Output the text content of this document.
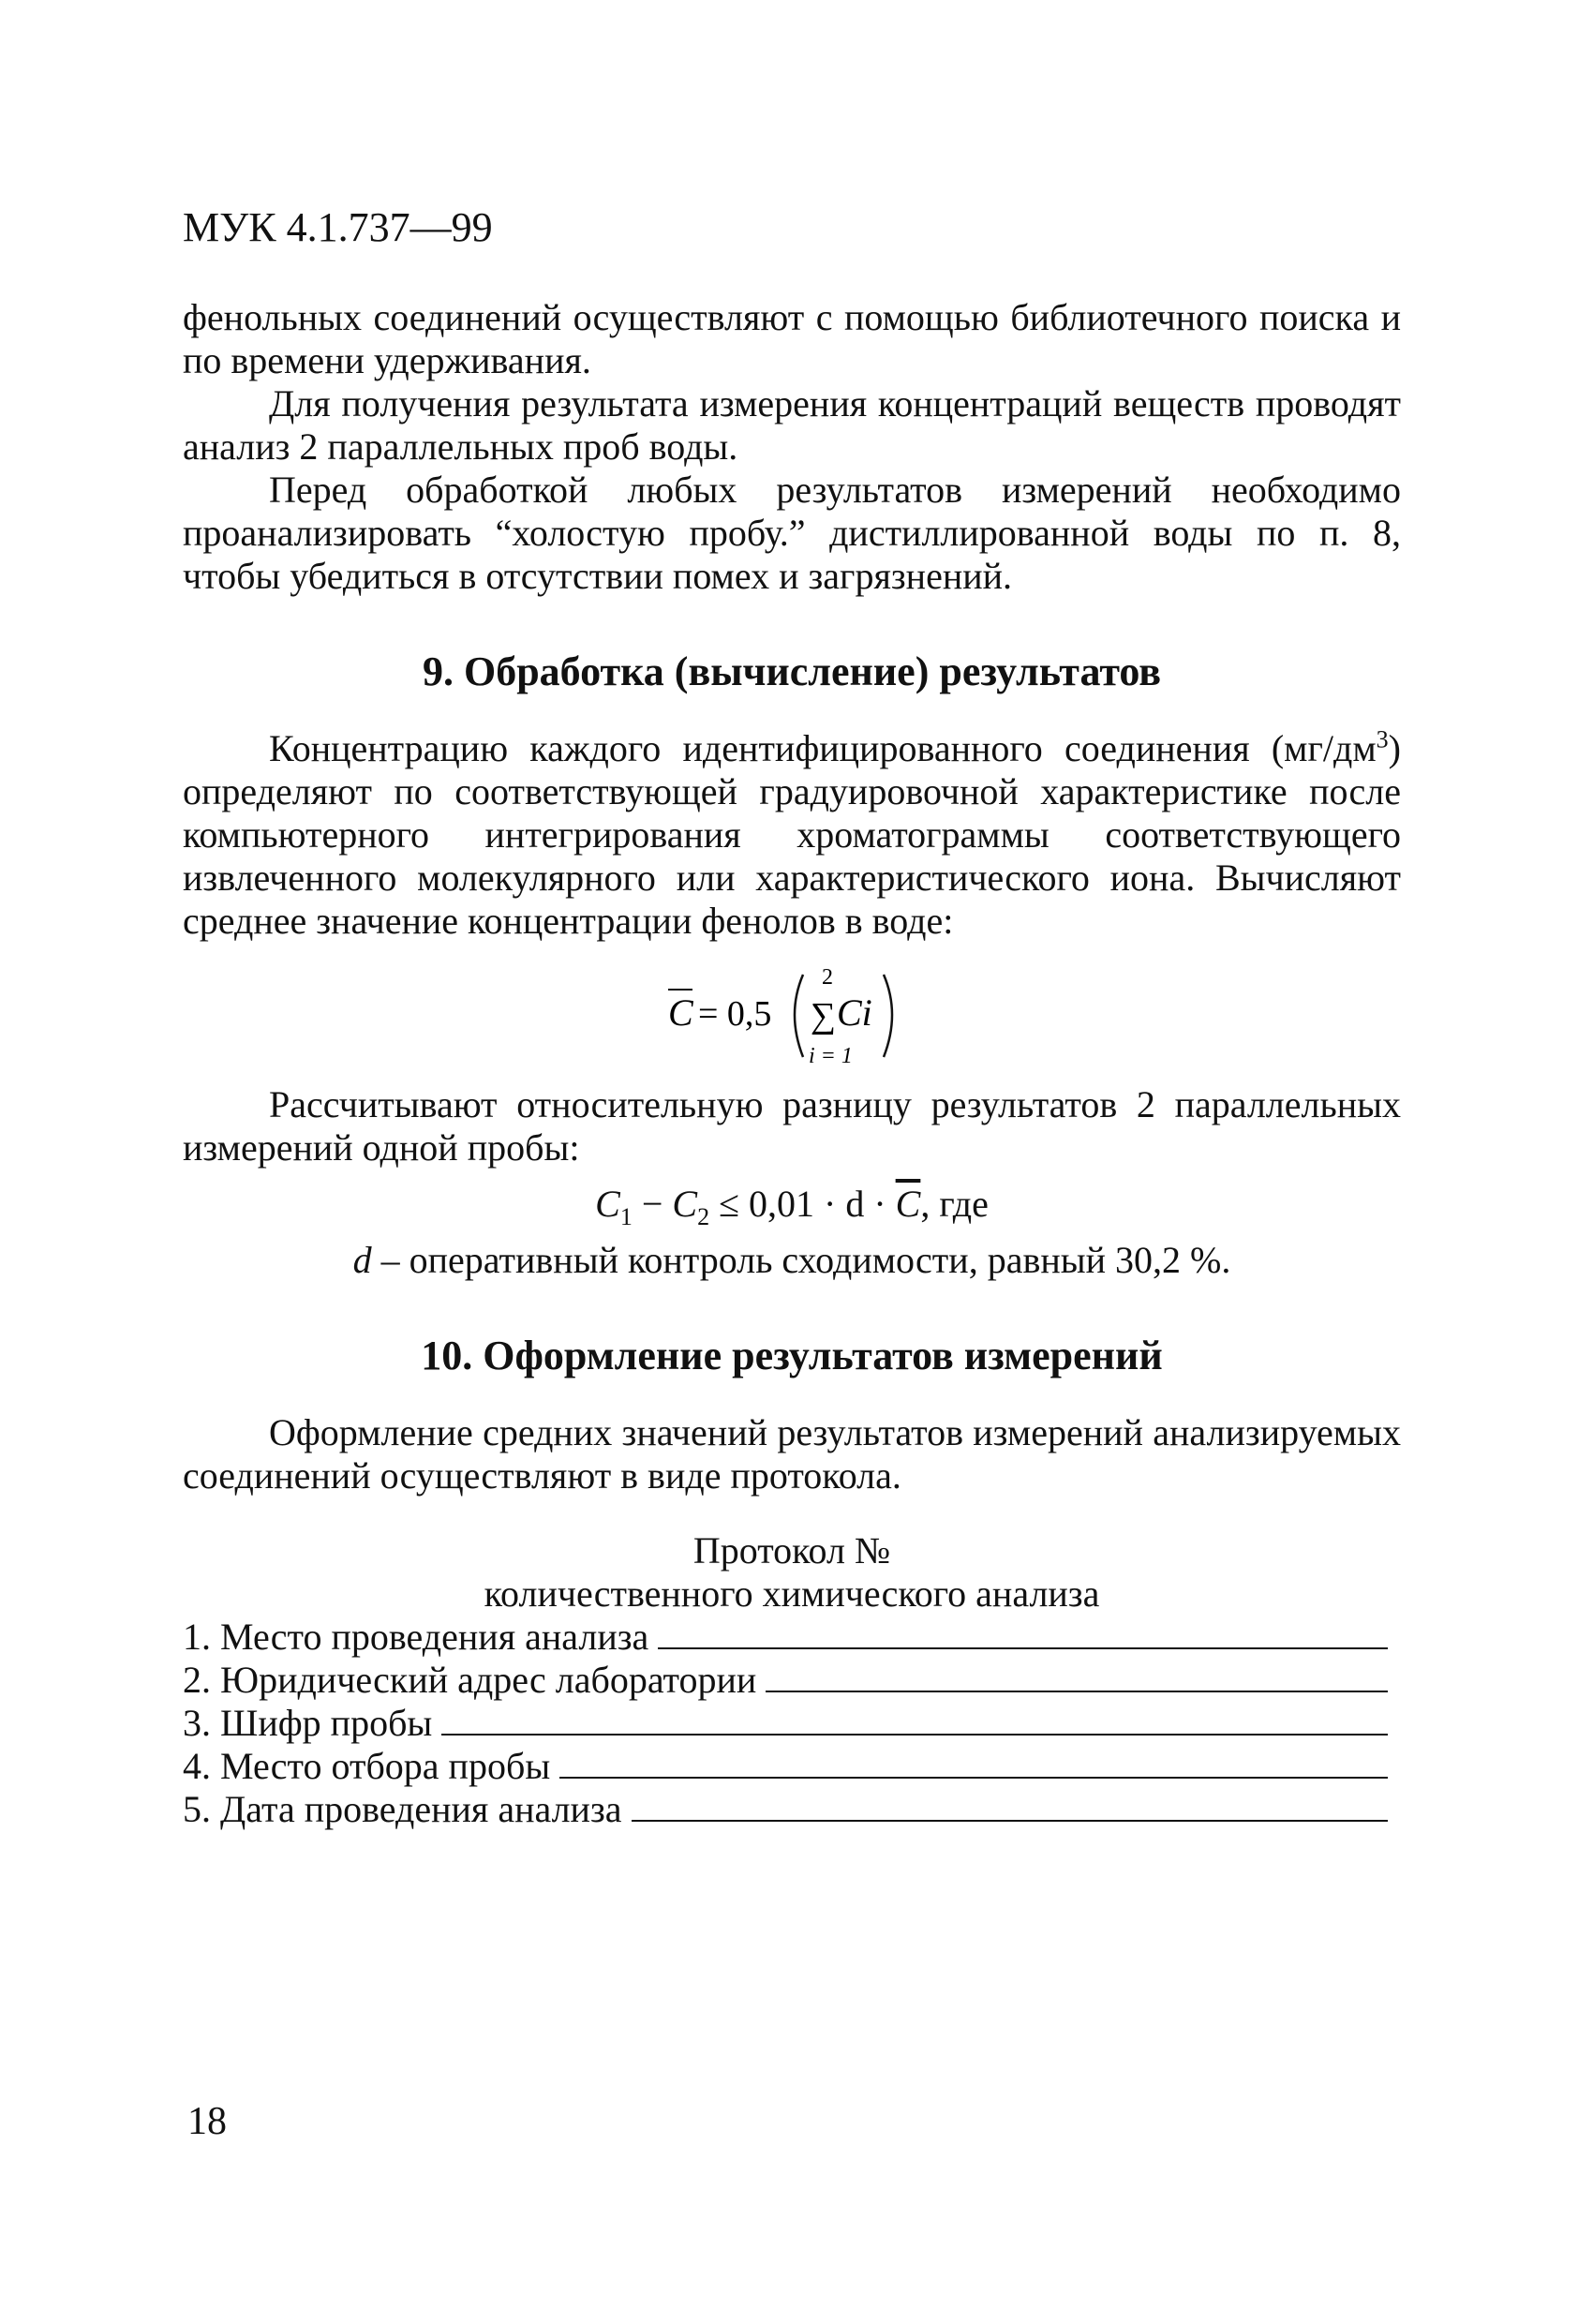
МУК 4.1.737—99

фенольных соединений осуществляют с помощью библиотечного поиска и по времени удерживания.

Для получения результата измерения концентраций веществ проводят анализ 2 параллельных проб воды.

Перед обработкой любых результатов измерений необходимо проанализировать “холостую пробу.” дистиллированной воды по п. 8, чтобы убедиться в отсутствии помех и загрязнений.

9. Обработка (вычисление) результатов

Концентрацию каждого идентифицированного соединения $(мг/дм^3)$ определяют по соответствующей градуировочной характеристике после компьютерного интегрирования хроматограммы соответствующего извлеченного молекулярного или характеристического иона. Вычисляют среднее значение концентрации фенолов в воде:

C = 0,5
2
∑ Ci
i = 1

Рассчитывают относительную разницу результатов 2 параллельных измерений одной пробы:

$C_1 - C_2 \le 0,01 \cdot d \cdot \overline{C}$, где

d – оперативный контроль сходимости, равный 30,2 %.

10. Оформление результатов измерений

Оформление средних значений результатов измерений анализируемых соединений осуществляют в виде протокола.

Протокол №
количественного химического анализа
1. Место проведения анализа
2. Юридический адрес лаборатории
3. Шифр пробы
4. Место отбора пробы
5. Дата проведения анализа
18
